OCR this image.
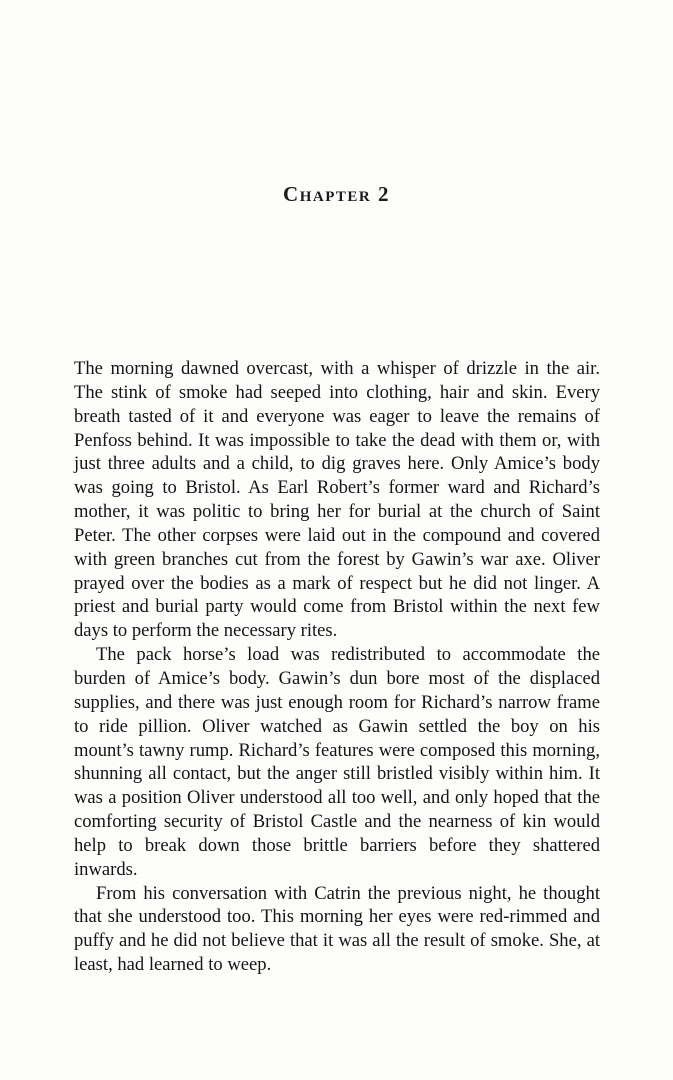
Chapter 2

The morning dawned overcast, with a whisper of drizzle in the air. The stink of smoke had seeped into clothing, hair and skin. Every breath tasted of it and everyone was eager to leave the remains of Penfoss behind. It was impossible to take the dead with them or, with just three adults and a child, to dig graves here. Only Amice’s body was going to Bristol. As Earl Robert’s former ward and Richard’s mother, it was politic to bring her for burial at the church of Saint Peter. The other corpses were laid out in the compound and covered with green branches cut from the forest by Gawin’s war axe. Oliver prayed over the bodies as a mark of respect but he did not linger. A priest and burial party would come from Bristol within the next few days to perform the necessary rites.

The pack horse’s load was redistributed to accommodate the burden of Amice’s body. Gawin’s dun bore most of the displaced supplies, and there was just enough room for Richard’s narrow frame to ride pillion. Oliver watched as Gawin settled the boy on his mount’s tawny rump. Richard’s features were composed this morning, shunning all contact, but the anger still bristled visibly within him. It was a position Oliver understood all too well, and only hoped that the comforting security of Bristol Castle and the nearness of kin would help to break down those brittle barriers before they shattered inwards.

From his conversation with Catrin the previous night, he thought that she understood too. This morning her eyes were red-rimmed and puffy and he did not believe that it was all the result of smoke. She, at least, had learned to weep.
